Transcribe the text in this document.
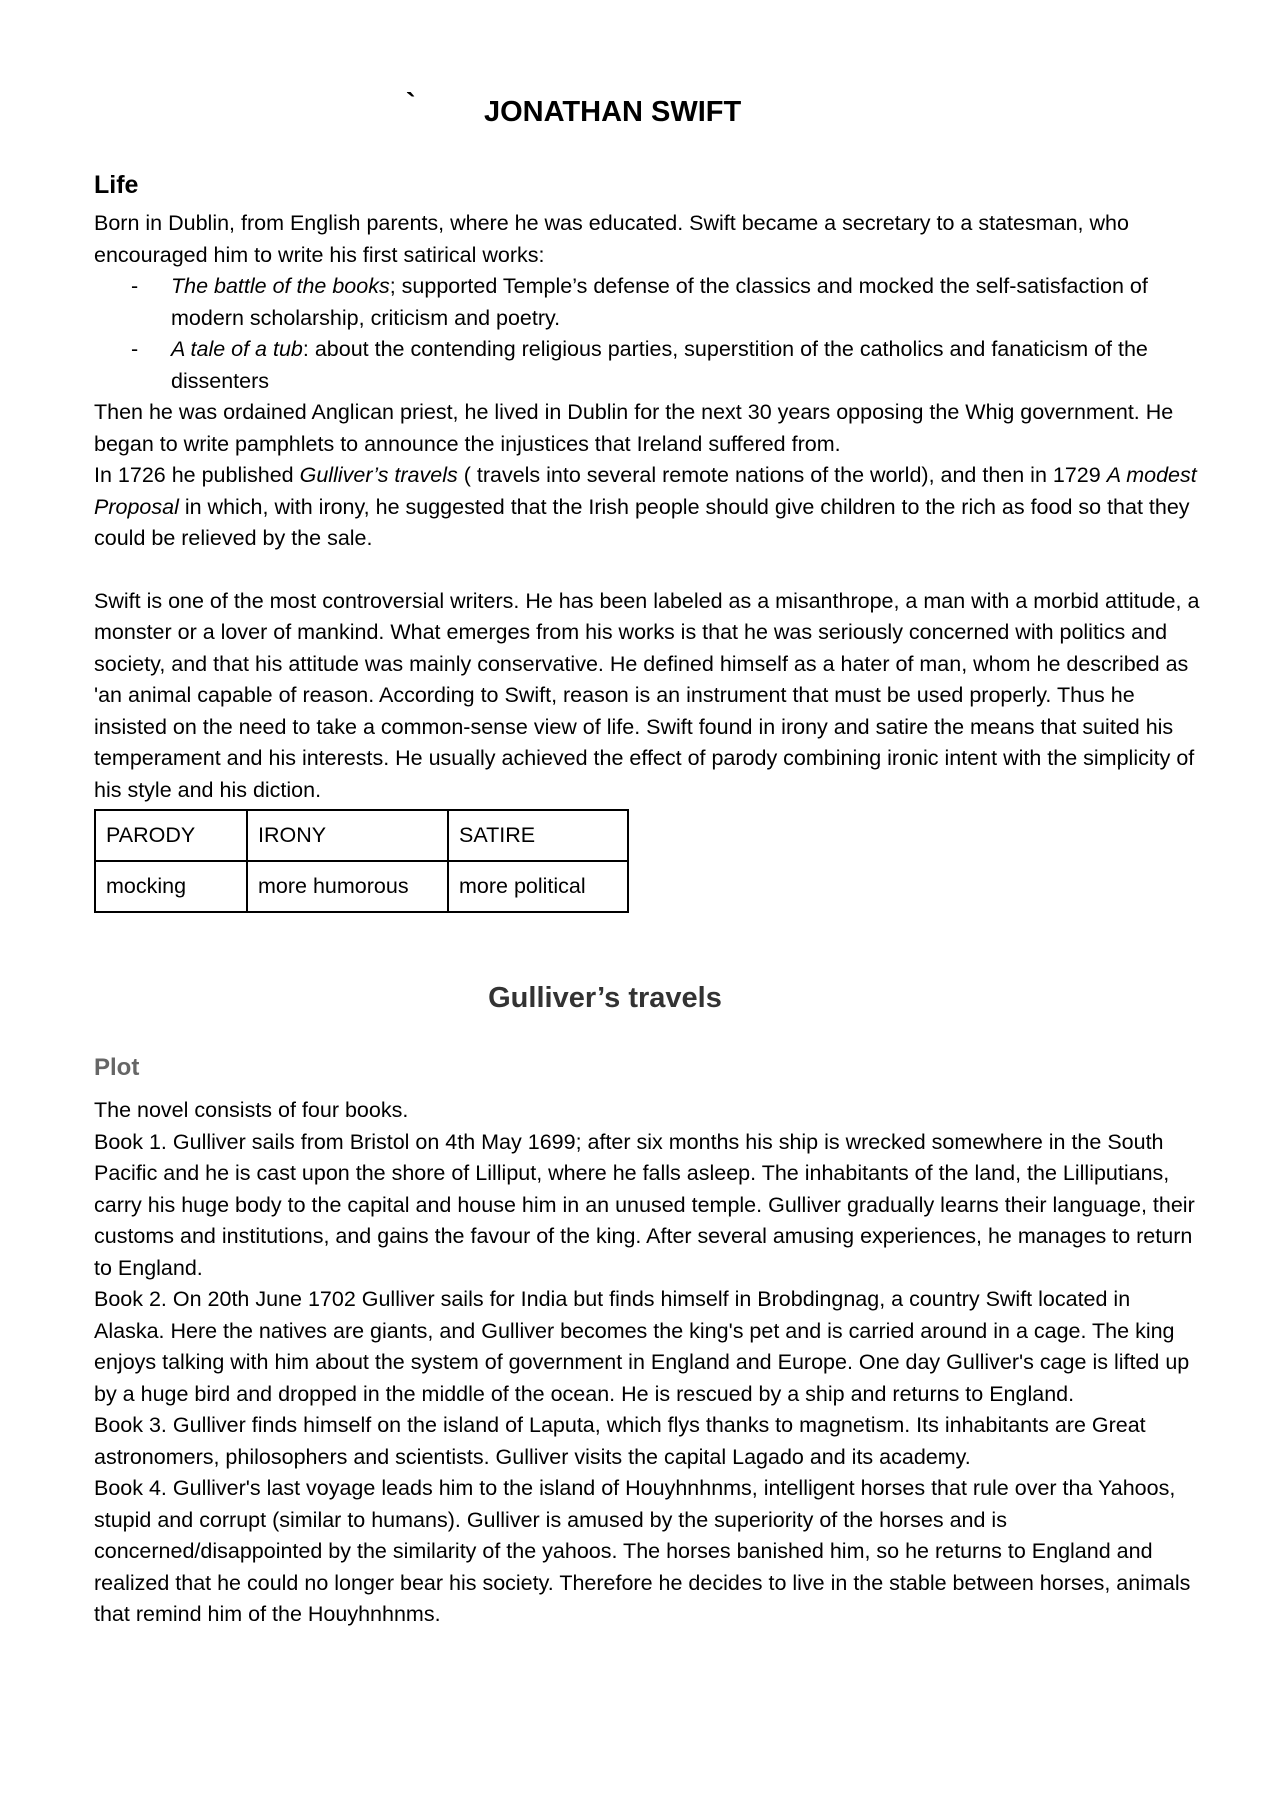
` JONATHAN SWIFT
Life

Born in Dublin, from English parents, where he was educated. Swift became a secretary to a statesman, who encouraged him to write his first satirical works:

- The battle of the books; supported Temple’s defense of the classics and mocked the self-satisfaction of modern scholarship, criticism and poetry.
- A tale of a tub: about the contending religious parties, superstition of the catholics and fanaticism of the dissenters

Then he was ordained Anglican priest, he lived in Dublin for the next 30 years opposing the Whig government. He began to write pamphlets to announce the injustices that Ireland suffered from.

In 1726 he published Gulliver’s travels ( travels into several remote nations of the world), and then in 1729 A modest Proposal in which, with irony, he suggested that the Irish people should give children to the rich as food so that they could be relieved by the sale.

Swift is one of the most controversial writers. He has been labeled as a misanthrope, a man with a morbid attitude, a monster or a lover of mankind. What emerges from his works is that he was seriously concerned with politics and society, and that his attitude was mainly conservative. He defined himself as a hater of man, whom he described as 'an animal capable of reason. According to Swift, reason is an instrument that must be used properly. Thus he insisted on the need to take a common-sense view of life. Swift found in irony and satire the means that suited his temperament and his interests. He usually achieved the effect of parody combining ironic intent with the simplicity of his style and his diction.

PARODY	IRONY	SATIRE
mocking	more humorous	more political
Gulliver’s travels
Plot

The novel consists of four books.

Book 1. Gulliver sails from Bristol on 4th May 1699; after six months his ship is wrecked somewhere in the South Pacific and he is cast upon the shore of Lilliput, where he falls asleep. The inhabitants of the land, the Lilliputians, carry his huge body to the capital and house him in an unused temple. Gulliver gradually learns their language, their customs and institutions, and gains the favour of the king. After several amusing experiences, he manages to return to England.

Book 2. On 20th June 1702 Gulliver sails for India but finds himself in Brobdingnag, a country Swift located in Alaska. Here the natives are giants, and Gulliver becomes the king's pet and is carried around in a cage. The king enjoys talking with him about the system of government in England and Europe. One day Gulliver's cage is lifted up by a huge bird and dropped in the middle of the ocean. He is rescued by a ship and returns to England.

Book 3. Gulliver finds himself on the island of Laputa, which flys thanks to magnetism. Its inhabitants are Great astronomers, philosophers and scientists. Gulliver visits the capital Lagado and its academy.

Book 4. Gulliver's last voyage leads him to the island of Houyhnhnms, intelligent horses that rule over tha Yahoos, stupid and corrupt (similar to humans). Gulliver is amused by the superiority of the horses and is concerned/disappointed by the similarity of the yahoos. The horses banished him, so he returns to England and realized that he could no longer bear his society. Therefore he decides to live in the stable between horses, animals that remind him of the Houyhnhnms.
